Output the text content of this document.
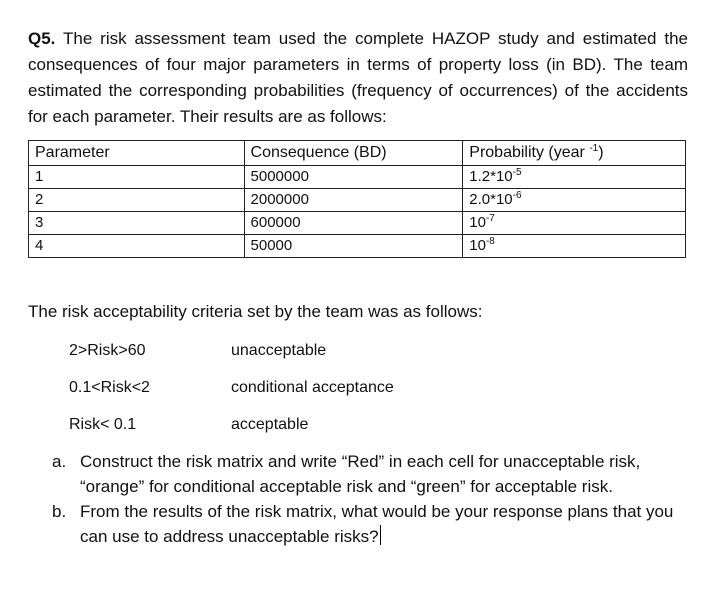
Q5. The risk assessment team used the complete HAZOP study and estimated the consequences of four major parameters in terms of property loss (in BD). The team estimated the corresponding probabilities (frequency of occurrences) of the accidents for each parameter. Their results are as follows:
Parameter	Consequence (BD)	Probability (year $^{-1}$)
1	5000000	$1.2*10^{-5}$
2	2000000	$2.0*10^{-6}$
3	600000	$10^{-7}$
4	50000	$10^{-8}$
The risk acceptability criteria set by the team was as follows:
2>Risk>60	unacceptable
0.1<Risk<2	conditional acceptance
Risk< 0.1	acceptable
a. Construct the risk matrix and write “Red” in each cell for unacceptable risk, “orange” for conditional acceptable risk and “green” for acceptable risk.
b. From the results of the risk matrix, what would be your response plans that you can use to address unacceptable risks?
